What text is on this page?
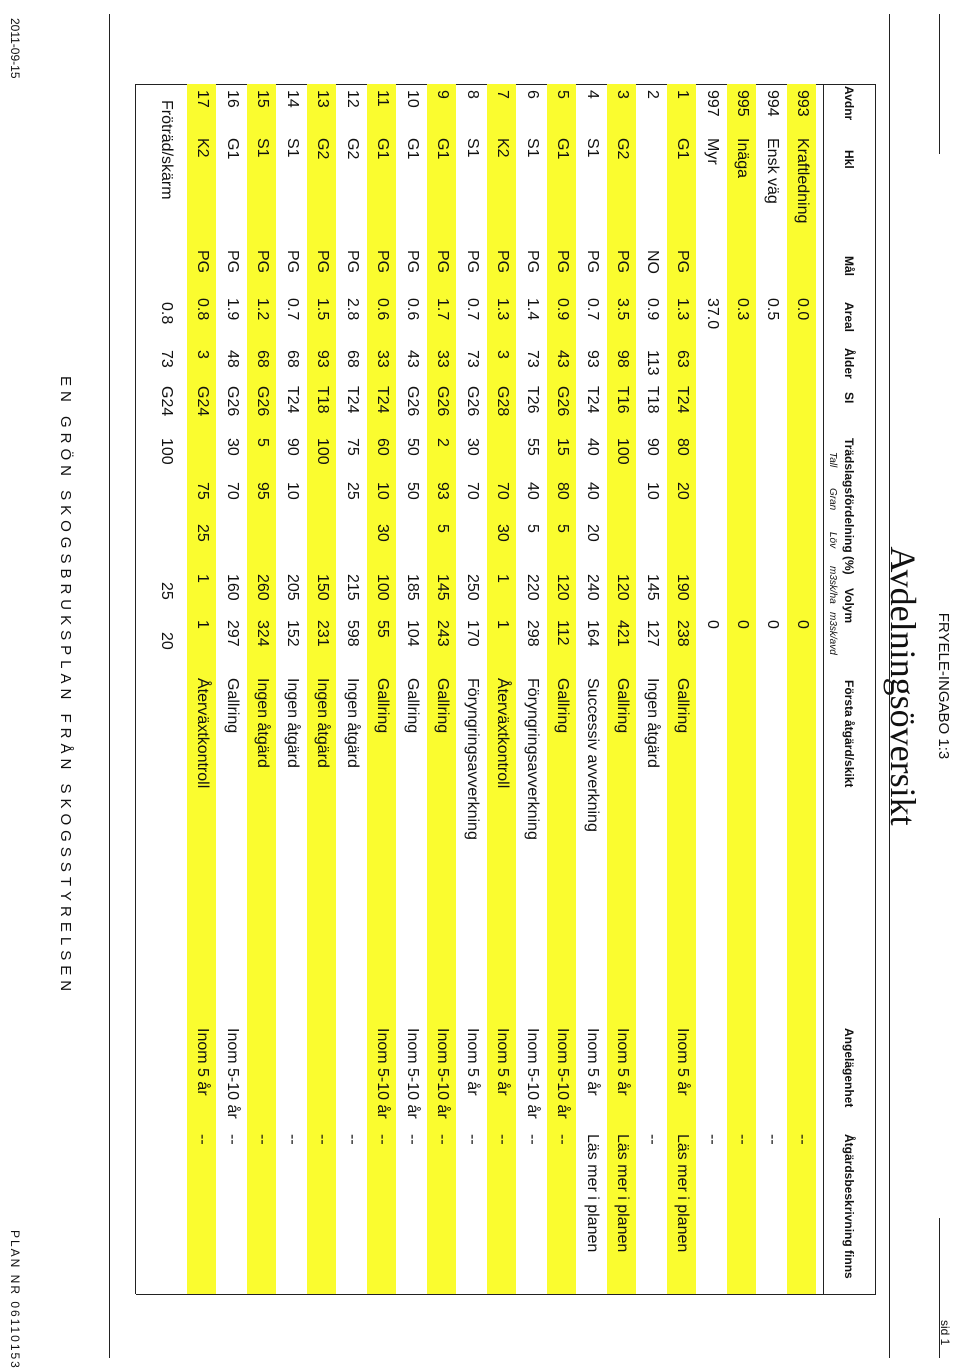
FRYELE-INGABO 1:3
sid 1
Avdelningsöversikt
Avdnr
Hkl
Mål
Areal
Ålder
SI
Trädslagsfördelning (%)
Tall
Gran
Löv
Volym
m3sk/ha
m3sk/avd
Första åtgärd/skikt
Angelägenhet
Åtgärdsbeskrivning finns
993
Kraftledning
0.0
0
--
994
Ensk väg
0.5
0
--
995
Inäga
0.3
0
--
997
Myr
37.0
0
--
1
G1
PG
1.3
63
T24
80
20
190
238
Gallring
Inom 5 år
Läs mer i planen
2
NO
0.9
113
T18
90
10
145
127
Ingen åtgärd
--
3
G2
PG
3.5
98
T16
100
120
421
Gallring
Inom 5 år
Läs mer i planen
4
S1
PG
0.7
93
T24
40
40
20
240
164
Successiv avverkning
Inom 5 år
Läs mer i planen
5
G1
PG
0.9
43
G26
15
80
5
120
112
Gallring
Inom 5-10 år
--
6
S1
PG
1.4
73
T26
55
40
5
220
298
Föryngringsavverkning
Inom 5-10 år
--
7
K2
PG
1.3
3
G28
70
30
1
1
Återväxtkontroll
Inom 5 år
--
8
S1
PG
0.7
73
G26
30
70
250
170
Föryngringsavverkning
Inom 5 år
--
9
G1
PG
1.7
33
G26
2
93
5
145
243
Gallring
Inom 5-10 år
--
10
G1
PG
0.6
43
G26
50
50
185
104
Gallring
Inom 5-10 år
--
11
G1
PG
0.6
33
T24
60
10
30
100
55
Gallring
Inom 5-10 år
--
12
G2
PG
2.8
68
T24
75
25
215
598
Ingen åtgärd
--
13
G2
PG
1.5
93
T18
100
150
231
Ingen åtgärd
--
14
S1
PG
0.7
68
T24
90
10
205
152
Ingen åtgärd
--
15
S1
PG
1.2
68
G26
5
95
260
324
Ingen åtgärd
--
16
G1
PG
1.9
48
G26
30
70
160
297
Gallring
Inom 5-10 år
--
17
K2
PG
0.8
3
G24
75
25
1
1
Återväxtkontroll
Inom 5 år
--
Fröträd/skärm
0.8
73
G24
100
25
20
EN GRÖN SKOGSBRUKSPLAN FRÅN SKOGSSTYRELSEN
2011-09-15
PLAN NR 06110153
